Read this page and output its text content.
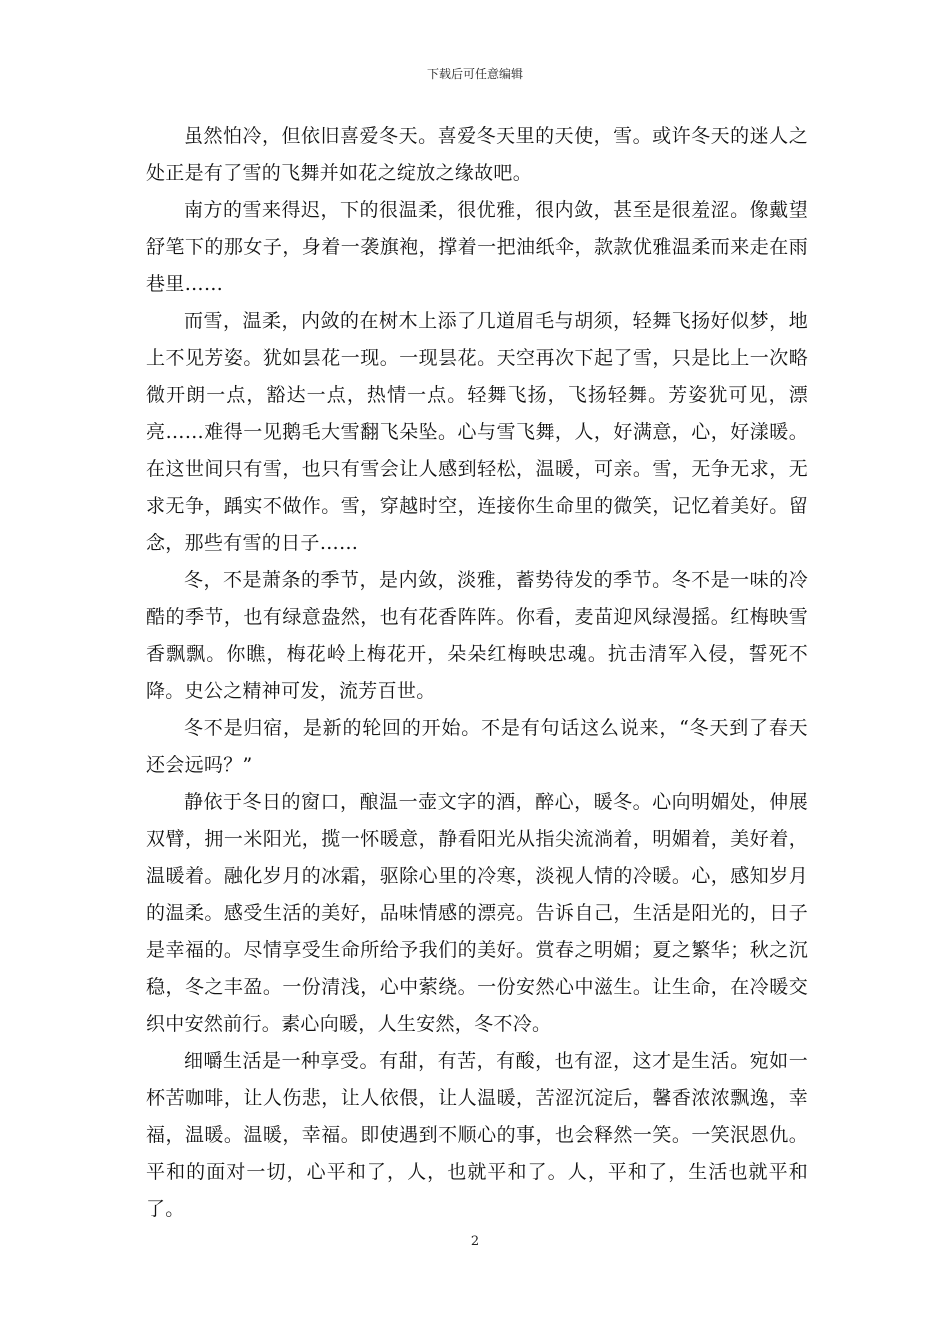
下载后可任意编辑

虽然怕冷，但依旧喜爱冬天。喜爱冬天里的天使，雪。或许冬天的迷人之处正是有了雪的飞舞并如花之绽放之缘故吧。

南方的雪来得迟，下的很温柔，很优雅，很内敛，甚至是很羞涩。像戴望舒笔下的那女子，身着一袭旗袍，撑着一把油纸伞，款款优雅温柔而来走在雨巷里……

而雪，温柔，内敛的在树木上添了几道眉毛与胡须，轻舞飞扬好似梦，地上不见芳姿。犹如昙花一现。一现昙花。天空再次下起了雪，只是比上一次略微开朗一点，豁达一点，热情一点。轻舞飞扬，飞扬轻舞。芳姿犹可见，漂亮……难得一见鹅毛大雪翻飞朵坠。心与雪飞舞，人，好满意，心，好漾暖。在这世间只有雪，也只有雪会让人感到轻松，温暖，可亲。雪，无争无求，无求无争，踽实不做作。雪，穿越时空，连接你生命里的微笑，记忆着美好。留念，那些有雪的日子……

冬，不是萧条的季节，是内敛，淡雅，蓄势待发的季节。冬不是一味的冷酷的季节，也有绿意盎然，也有花香阵阵。你看，麦苗迎风绿漫摇。红梅映雪香飘飘。你瞧，梅花岭上梅花开，朵朵红梅映忠魂。抗击清军入侵，誓死不降。史公之精神可发，流芳百世。

冬不是归宿，是新的轮回的开始。不是有句话这么说来，“冬天到了春天还会远吗？”

静依于冬日的窗口，酿温一壶文字的酒，醉心，暖冬。心向明媚处，伸展双臂，拥一米阳光，揽一怀暖意，静看阳光从指尖流淌着，明媚着，美好着，温暖着。融化岁月的冰霜，驱除心里的冷寒，淡视人情的冷暖。心，感知岁月的温柔。感受生活的美好，品味情感的漂亮。告诉自己，生活是阳光的，日子是幸福的。尽情享受生命所给予我们的美好。赏春之明媚；夏之繁华；秋之沉稳，冬之丰盈。一份清浅，心中萦绕。一份安然心中滋生。让生命，在冷暖交织中安然前行。素心向暖，人生安然，冬不冷。

细嚼生活是一种享受。有甜，有苦，有酸，也有涩，这才是生活。宛如一杯苦咖啡，让人伤悲，让人依偎，让人温暖，苦涩沉淀后，馨香浓浓飘逸，幸福，温暖。温暖，幸福。即使遇到不顺心的事，也会释然一笑。一笑泯恩仇。平和的面对一切，心平和了，人，也就平和了。人，平和了，生活也就平和了。

2
